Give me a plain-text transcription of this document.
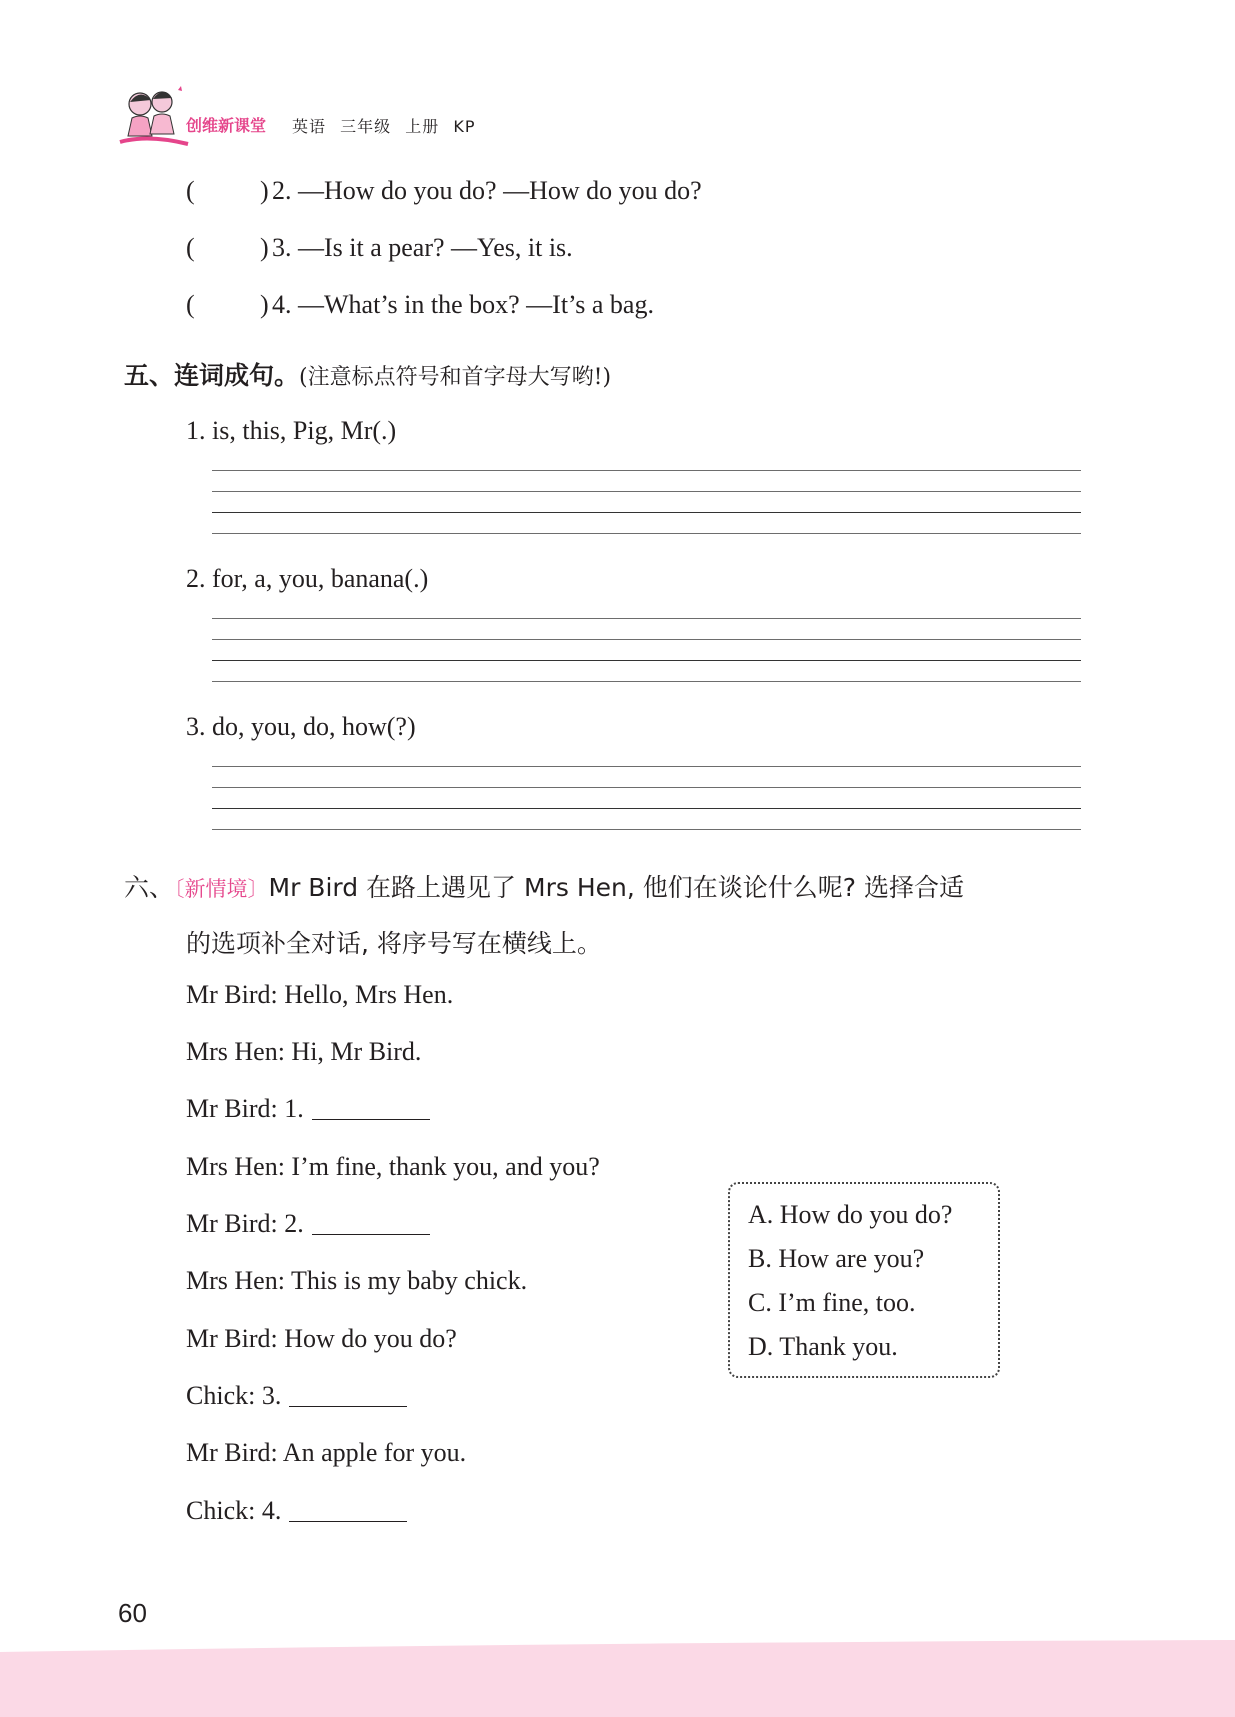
创维新课堂 英语 三年级 上册 KP
(	) 2. —How do you do? —How do you do?
(	) 3. —Is it a pear? —Yes, it is.
(	) 4. —What’s in the box? —It’s a bag.
五、连词成句。(注意标点符号和首字母大写哟!)
1. is, this, Pig, Mr(.)
2. for, a, you, banana(.)
3. do, you, do, how(?)
六、〔新情境〕Mr Bird 在路上遇见了 Mrs Hen, 他们在谈论什么呢? 选择合适
的选项补全对话, 将序号写在横线上。
Mr Bird: Hello, Mrs Hen.
Mrs Hen: Hi, Mr Bird.
Mr Bird: 1.
Mrs Hen: I’m fine, thank you, and you?
Mr Bird: 2.
Mrs Hen: This is my baby chick.
Mr Bird: How do you do?
Chick: 3.
Mr Bird: An apple for you.
Chick: 4.
A. How do you do?
B. How are you?
C. I’m fine, too.
D. Thank you.
60
